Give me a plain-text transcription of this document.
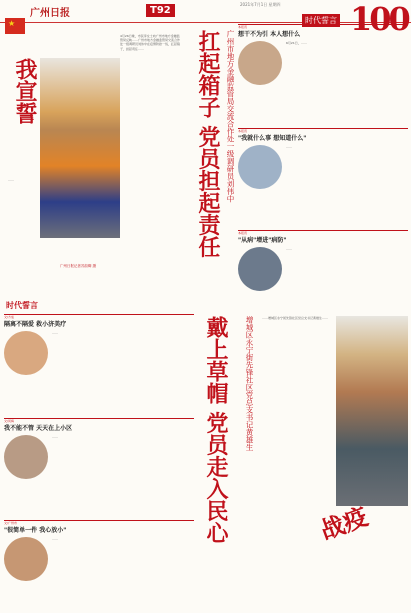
★
广州日报	T92
2021年7月1日 星期四
时代誓言 100
我宣誓
……
广州日报记者苏韵卿 摄
4月26日晚，市民李女士向广州市地方金融监管局反映……广州市地方金融监管局交流合作处一级调研员刘伟中在疫情防控一线，扛起箱子，担起责任……	扛起箱子 党员担起责任 广州市地方金融监管局交流合作处一级调研员刘伟中
本报讯
想干不为引 本人想什么
6月21日，……
本报讯
"我就什么事 想知道什么"
……
本报讯
"从病"增进"病防"
……
时代誓言
文/方成
隔离不隔爱 救小济美疗
……
文/何梅
我不能不管 天天在上小区
……
文/广州市
"很简单一件 我心放小"
……	戴上草帽 党员走入民心	增城区永宁街先锋社区党总支书记黄雄生	……增城区永宁街先锋社区党总支书记黄雄生……
战疫
